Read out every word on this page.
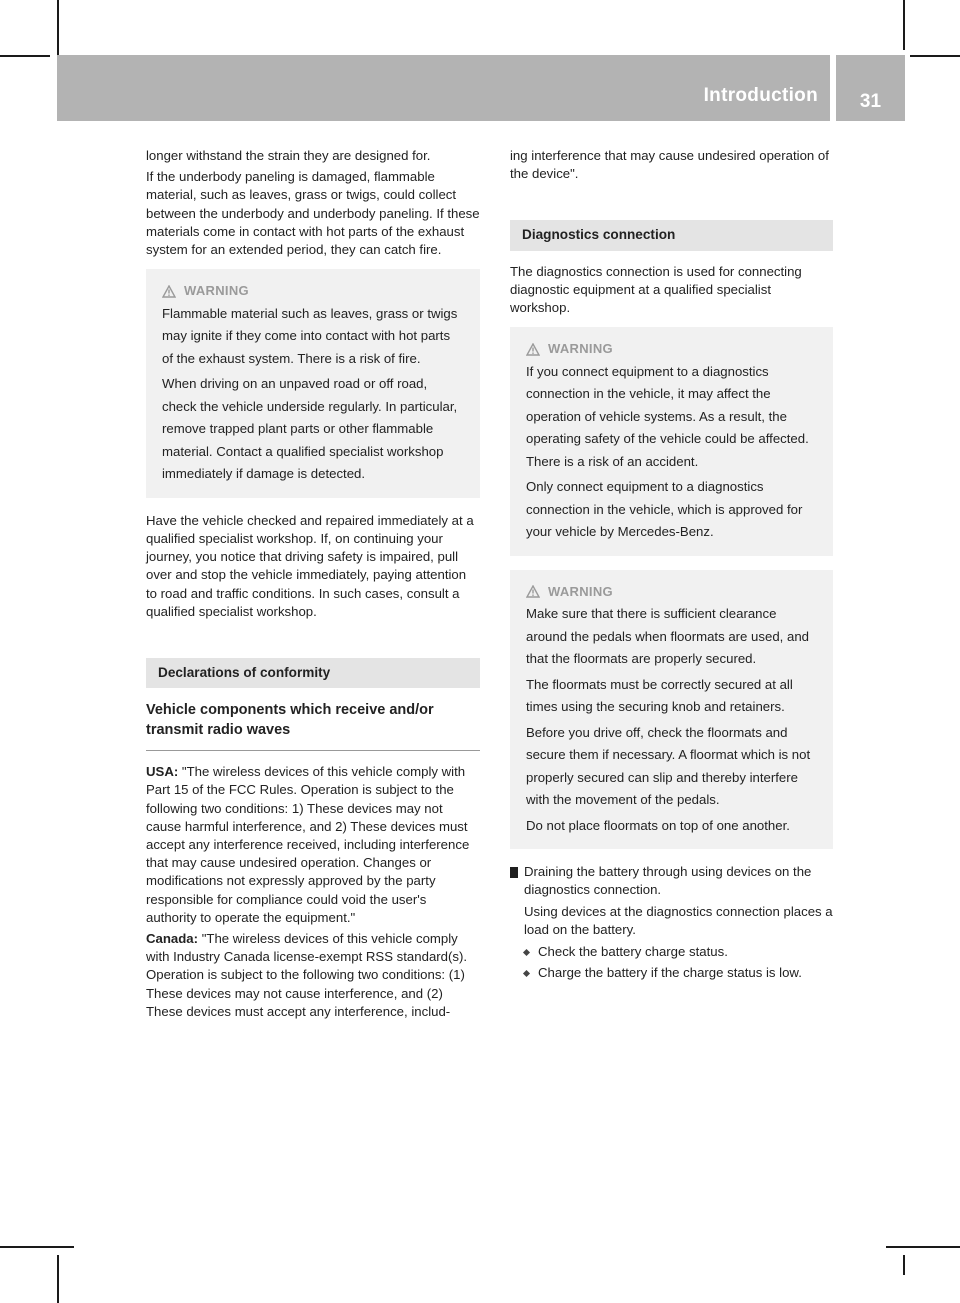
Introduction	31

longer withstand the strain they are designed for.

If the underbody paneling is damaged, flammable material, such as leaves, grass or twigs, could collect between the underbody and underbody paneling. If these materials come in contact with hot parts of the exhaust system for an extended period, they can catch fire.

WARNING

Flammable material such as leaves, grass or twigs may ignite if they come into contact with hot parts of the exhaust system. There is a risk of fire.

When driving on an unpaved road or off road, check the vehicle underside regularly. In particular, remove trapped plant parts or other flammable material. Contact a qualified specialist workshop immediately if damage is detected.

Have the vehicle checked and repaired immediately at a qualified specialist workshop. If, on continuing your journey, you notice that driving safety is impaired, pull over and stop the vehicle immediately, paying attention to road and traffic conditions. In such cases, consult a qualified specialist workshop.

Declarations of conformity
Vehicle components which receive and/or transmit radio waves

USA: "The wireless devices of this vehicle comply with Part 15 of the FCC Rules. Operation is subject to the following two conditions: 1) These devices may not cause harmful interference, and 2) These devices must accept any interference received, including interference that may cause undesired operation. Changes or modifications not expressly approved by the party responsible for compliance could void the user's authority to operate the equipment."

Canada: "The wireless devices of this vehicle comply with Industry Canada license-exempt RSS standard(s). Operation is subject to the following two conditions: (1) These devices may not cause interference, and (2) These devices must accept any interference, includ-

ing interference that may cause undesired operation of the device".

Diagnostics connection

The diagnostics connection is used for connecting diagnostic equipment at a qualified specialist workshop.

WARNING

If you connect equipment to a diagnostics connection in the vehicle, it may affect the operation of vehicle systems. As a result, the operating safety of the vehicle could be affected. There is a risk of an accident.

Only connect equipment to a diagnostics connection in the vehicle, which is approved for your vehicle by Mercedes-Benz.

WARNING

Make sure that there is sufficient clearance around the pedals when floormats are used, and that the floormats are properly secured.

The floormats must be correctly secured at all times using the securing knob and retainers.

Before you drive off, check the floormats and secure them if necessary. A floormat which is not properly secured can slip and thereby interfere with the movement of the pedals.

Do not place floormats on top of one another.

Draining the battery through using devices on the diagnostics connection.

Using devices at the diagnostics connection places a load on the battery.

Check the battery charge status.

Charge the battery if the charge status is low.
